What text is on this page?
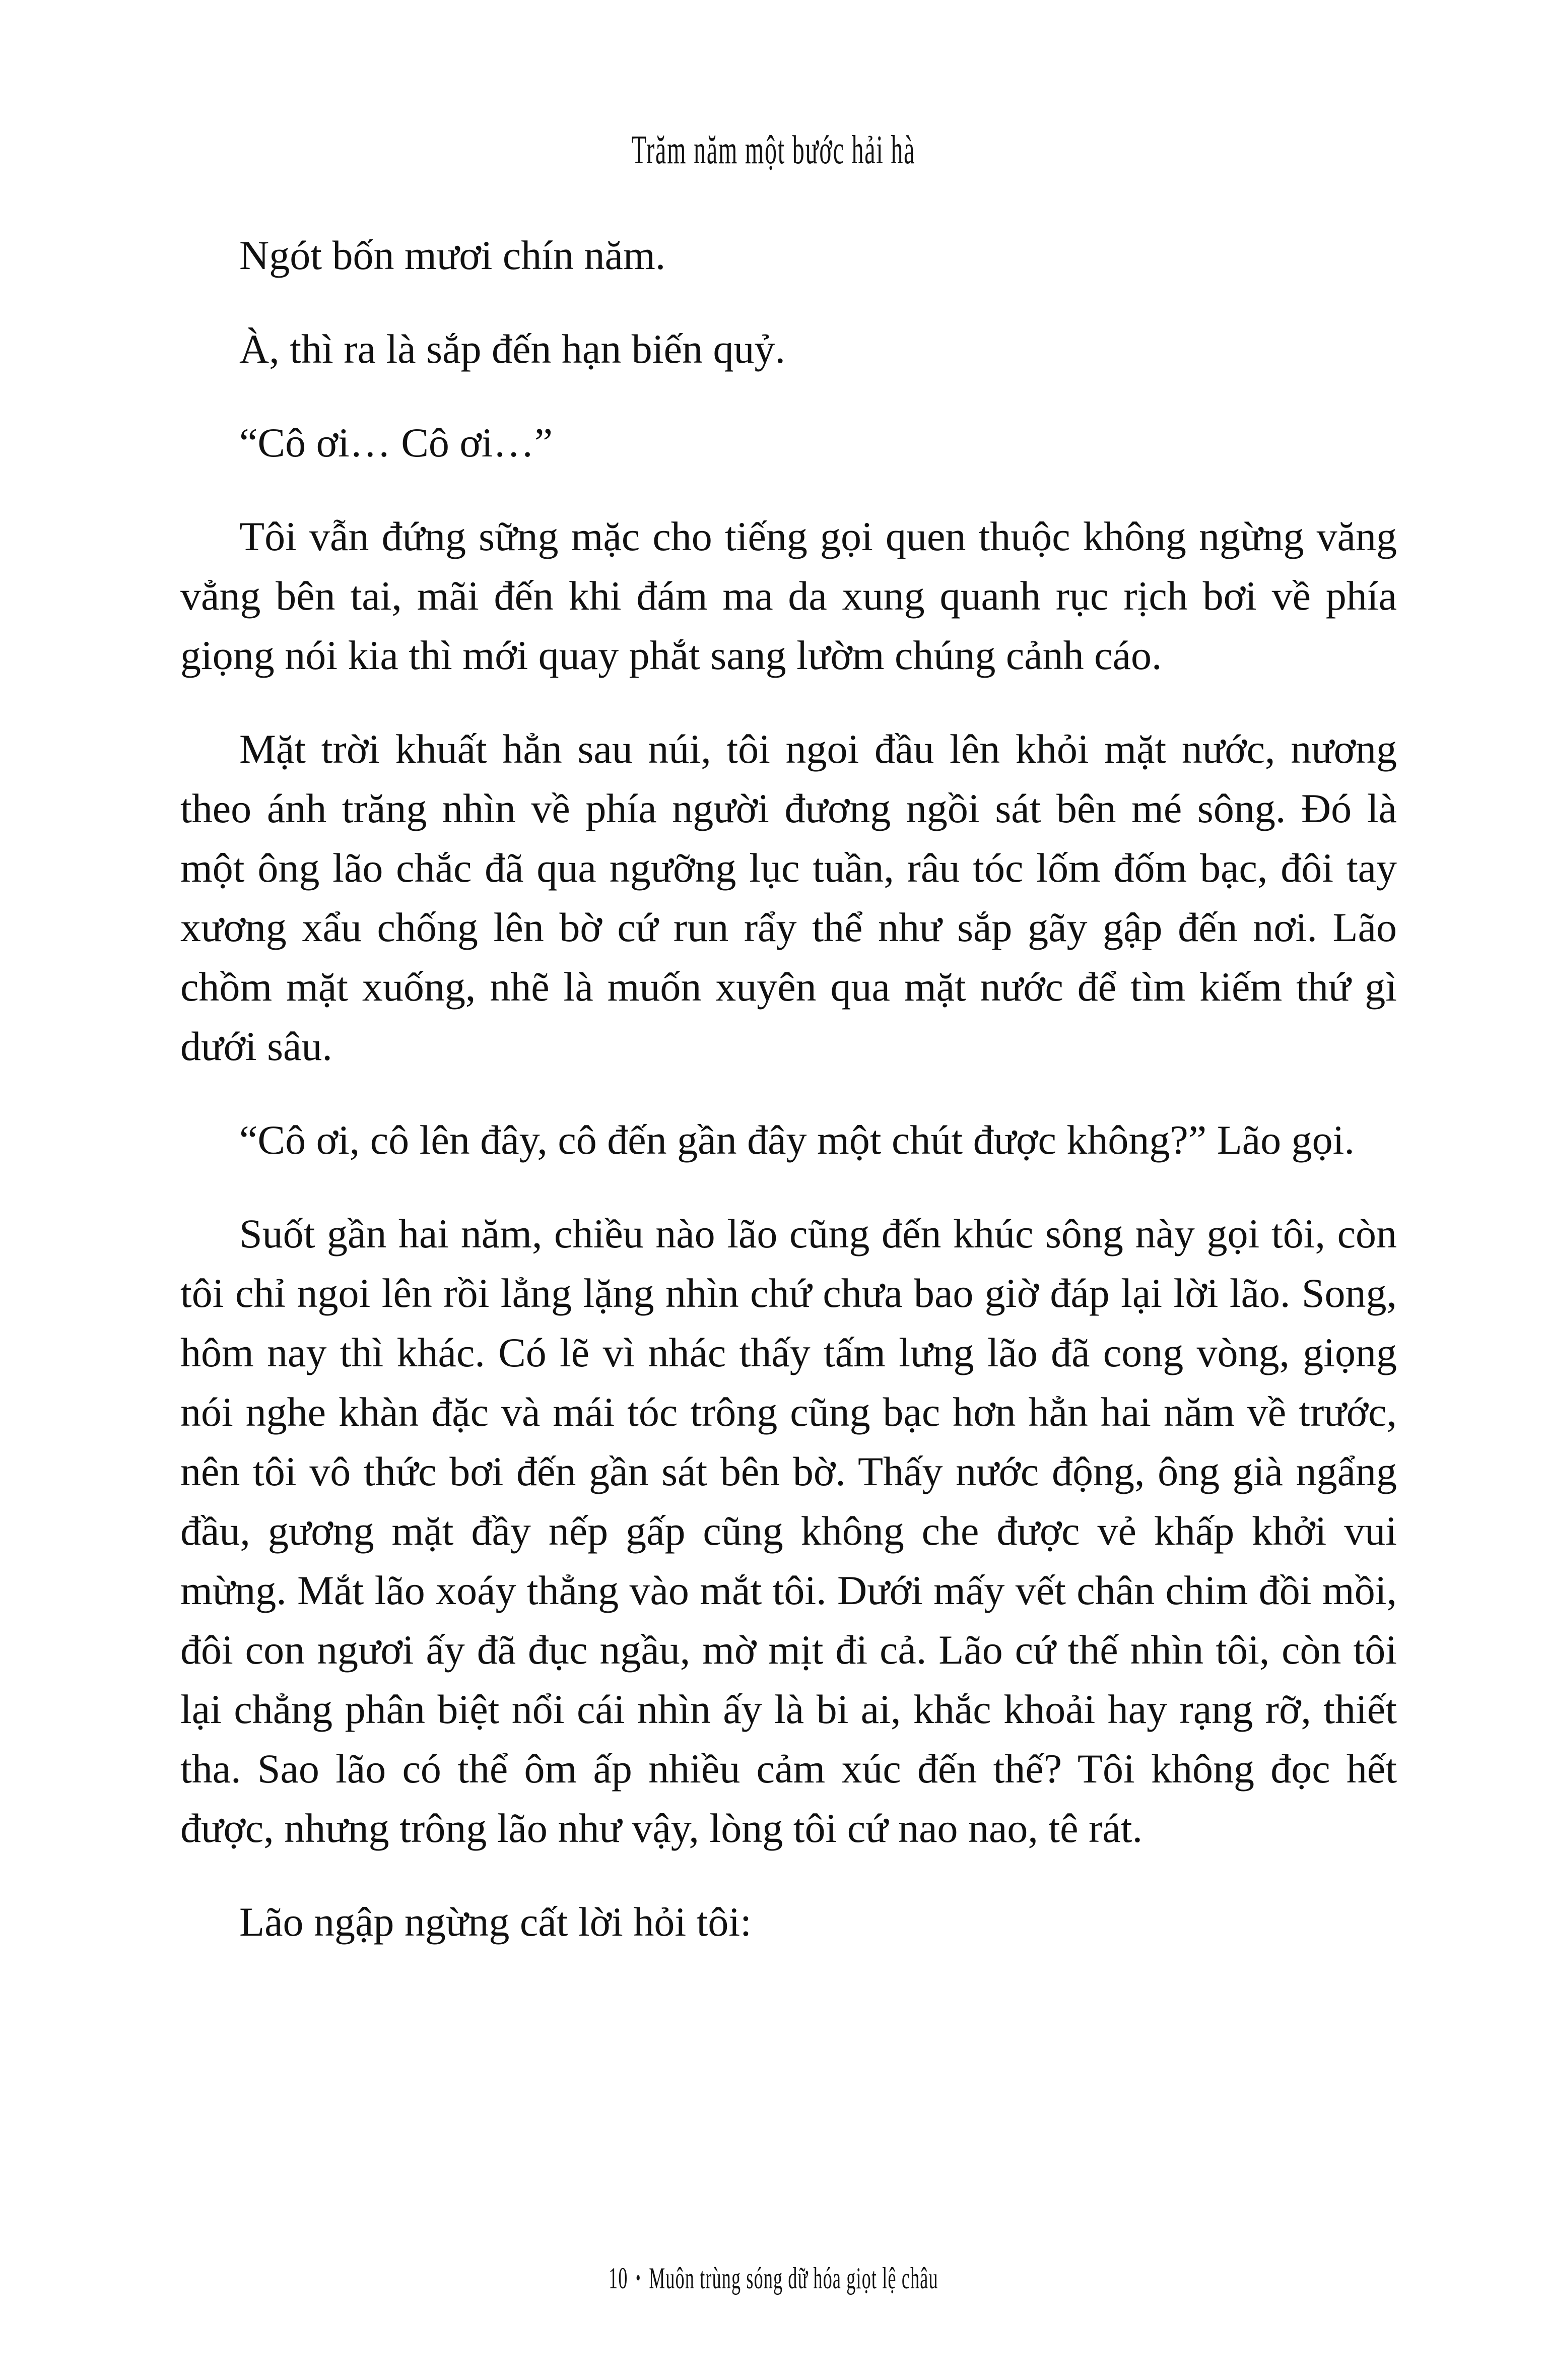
Trăm năm một bước hải hà

Ngót bốn mươi chín năm.

À, thì ra là sắp đến hạn biến quỷ.

“Cô ơi… Cô ơi…”

Tôi vẫn đứng sững mặc cho tiếng gọi quen thuộc không ngừng văng vẳng bên tai, mãi đến khi đám ma da xung quanh rục rịch bơi về phía giọng nói kia thì mới quay phắt sang lườm chúng cảnh cáo.

Mặt trời khuất hẳn sau núi, tôi ngoi đầu lên khỏi mặt nước, nương theo ánh trăng nhìn về phía người đương ngồi sát bên mé sông. Đó là một ông lão chắc đã qua ngưỡng lục tuần, râu tóc lốm đốm bạc, đôi tay xương xẩu chống lên bờ cứ run rẩy thể như sắp gãy gập đến nơi. Lão chồm mặt xuống, nhẽ là muốn xuyên qua mặt nước để tìm kiếm thứ gì dưới sâu.

“Cô ơi, cô lên đây, cô đến gần đây một chút được không?” Lão gọi.

Suốt gần hai năm, chiều nào lão cũng đến khúc sông này gọi tôi, còn tôi chỉ ngoi lên rồi lẳng lặng nhìn chứ chưa bao giờ đáp lại lời lão. Song, hôm nay thì khác. Có lẽ vì nhác thấy tấm lưng lão đã cong vòng, giọng nói nghe khàn đặc và mái tóc trông cũng bạc hơn hẳn hai năm về trước, nên tôi vô thức bơi đến gần sát bên bờ. Thấy nước động, ông già ngẩng đầu, gương mặt đầy nếp gấp cũng không che được vẻ khấp khởi vui mừng. Mắt lão xoáy thẳng vào mắt tôi. Dưới mấy vết chân chim đồi mồi, đôi con ngươi ấy đã đục ngầu, mờ mịt đi cả. Lão cứ thế nhìn tôi, còn tôi lại chẳng phân biệt nổi cái nhìn ấy là bi ai, khắc khoải hay rạng rỡ, thiết tha. Sao lão có thể ôm ấp nhiều cảm xúc đến thế? Tôi không đọc hết được, nhưng trông lão như vậy, lòng tôi cứ nao nao, tê rát.

Lão ngập ngừng cất lời hỏi tôi:

10 • Muôn trùng sóng dữ hóa giọt lệ châu
